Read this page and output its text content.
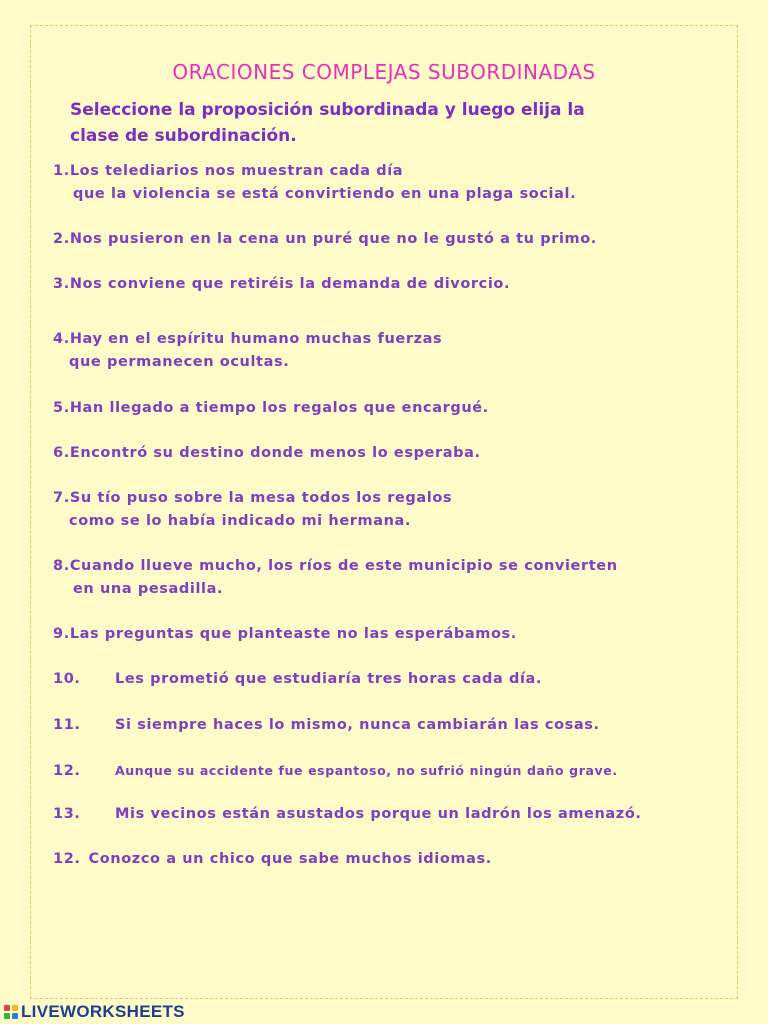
ORACIONES COMPLEJAS SUBORDINADAS
Seleccione la proposición subordinada y luego elija la
clase de subordinación.
1.Los telediarios nos muestran cada día
que la violencia se está convirtiendo en una plaga social.
2.Nos pusieron en la cena un puré que no le gustó a tu primo.
3.Nos conviene que retiréis la demanda de divorcio.
4.Hay en el espíritu humano muchas fuerzas
que permanecen ocultas.
5.Han llegado a tiempo los regalos que encargué.
6.Encontró su destino donde menos lo esperaba.
7.Su tío puso sobre la mesa todos los regalos
como se lo había indicado mi hermana.
8.Cuando llueve mucho, los ríos de este municipio se convierten
en una pesadilla.
9.Las preguntas que planteaste no las esperábamos.
10. Les prometió que estudiaría tres horas cada día.
11. Si siempre haces lo mismo, nunca cambiarán las cosas.
12.	Aunque su accidente fue espantoso, no sufrió ningún daño grave.
13. Mis vecinos están asustados porque un ladrón los amenazó.
12. Conozco a un chico que sabe muchos idiomas.
LIVEWORKSHEETS
